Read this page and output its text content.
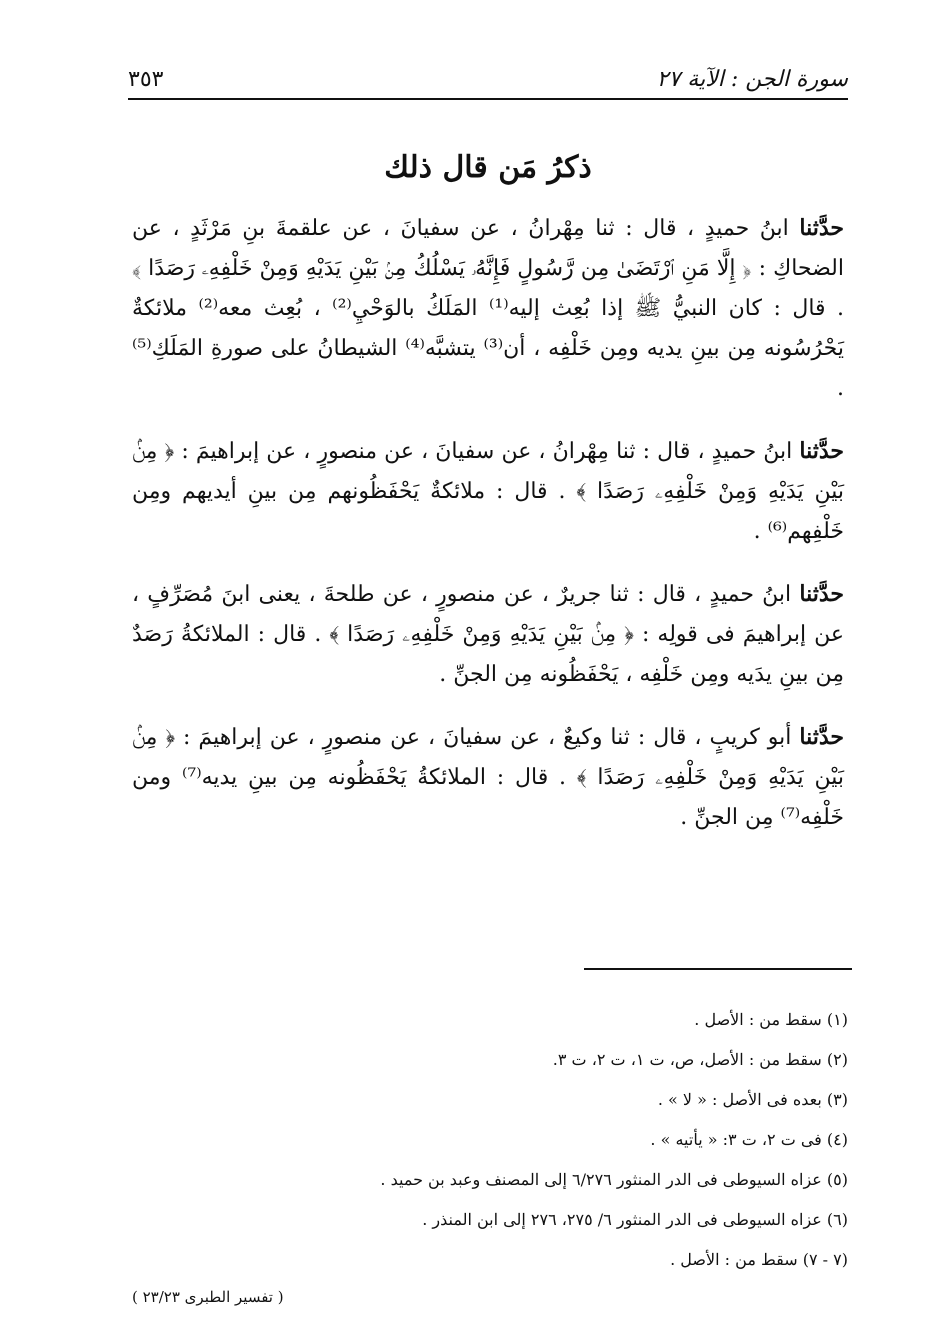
سورة الجن : الآية ٢٧
٣٥٣
ذكرُ مَن قال ذلك

حدَّثنا ابنُ حميدٍ ، قال : ثنا مِهْرانُ ، عن سفيانَ ، عن علقمةَ بنِ مَرْثَدٍ ، عن الضحاكِ : ﴿ إِلَّا مَنِ ٱرْتَضَىٰ مِن رَّسُولٍ فَإِنَّهُۥ يَسْلُكُ مِنۢ بَيْنِ يَدَيْهِ وَمِنْ خَلْفِهِۦ رَصَدًا ﴾ . قال : كان النبيُّ ﷺ إذا بُعِث إليه⁽¹⁾ المَلَكُ بالوَحْيِ⁽²⁾ ، بُعِث معه⁽²⁾ ملائكةٌ يَحْرُسُونه مِن بينِ يديه ومِن خَلْفِه ، أن⁽³⁾ يتشبَّه⁽⁴⁾ الشيطانُ على صورةِ المَلَكِ⁽⁵⁾ .

حدَّثنا ابنُ حميدٍ ، قال : ثنا مِهْرانُ ، عن سفيانَ ، عن منصورٍ ، عن إبراهيمَ : ﴿ مِنۢ بَيْنِ يَدَيْهِ وَمِنْ خَلْفِهِۦ رَصَدًا ﴾ . قال : ملائكةٌ يَحْفَظُونهم مِن بينِ أيديهم ومِن خَلْفِهم⁽⁶⁾ .

حدَّثنا ابنُ حميدٍ ، قال : ثنا جريرٌ ، عن منصورٍ ، عن طلحةَ ، يعنى ابنَ مُصَرِّفٍ ، عن إبراهيمَ فى قولِه : ﴿ مِنۢ بَيْنِ يَدَيْهِ وَمِنْ خَلْفِهِۦ رَصَدًا ﴾ . قال : الملائكةُ رَصَدٌ مِن بينِ يدَيه ومِن خَلْفِه ، يَحْفَظُونه مِن الجنِّ .

حدَّثنا أبو كريبٍ ، قال : ثنا وكيعٌ ، عن سفيانَ ، عن منصورٍ ، عن إبراهيمَ : ﴿ مِنۢ بَيْنِ يَدَيْهِ وَمِنْ خَلْفِهِۦ رَصَدًا ﴾ . قال : الملائكةُ يَحْفَظُونه مِن بينِ يديه⁽⁷⁾ ومن خَلْفِه⁽⁷⁾ مِن الجنِّ .

(١) سقط من : الأصل .
(٢) سقط من : الأصل، ص، ت ١، ت ٢، ت ٣.
(٣) بعده فى الأصل : « لا » .
(٤) فى ت ٢، ت ٣: « يأتيه » .
(٥) عزاه السيوطى فى الدر المنثور ٦/٢٧٦ إلى المصنف وعبد بن حميد .
(٦) عزاه السيوطى فى الدر المنثور ٦/ ٢٧٥، ٢٧٦ إلى ابن المنذر .
(٧ - ٧) سقط من : الأصل .
( تفسير الطبرى ٢٣/٢٣ )
